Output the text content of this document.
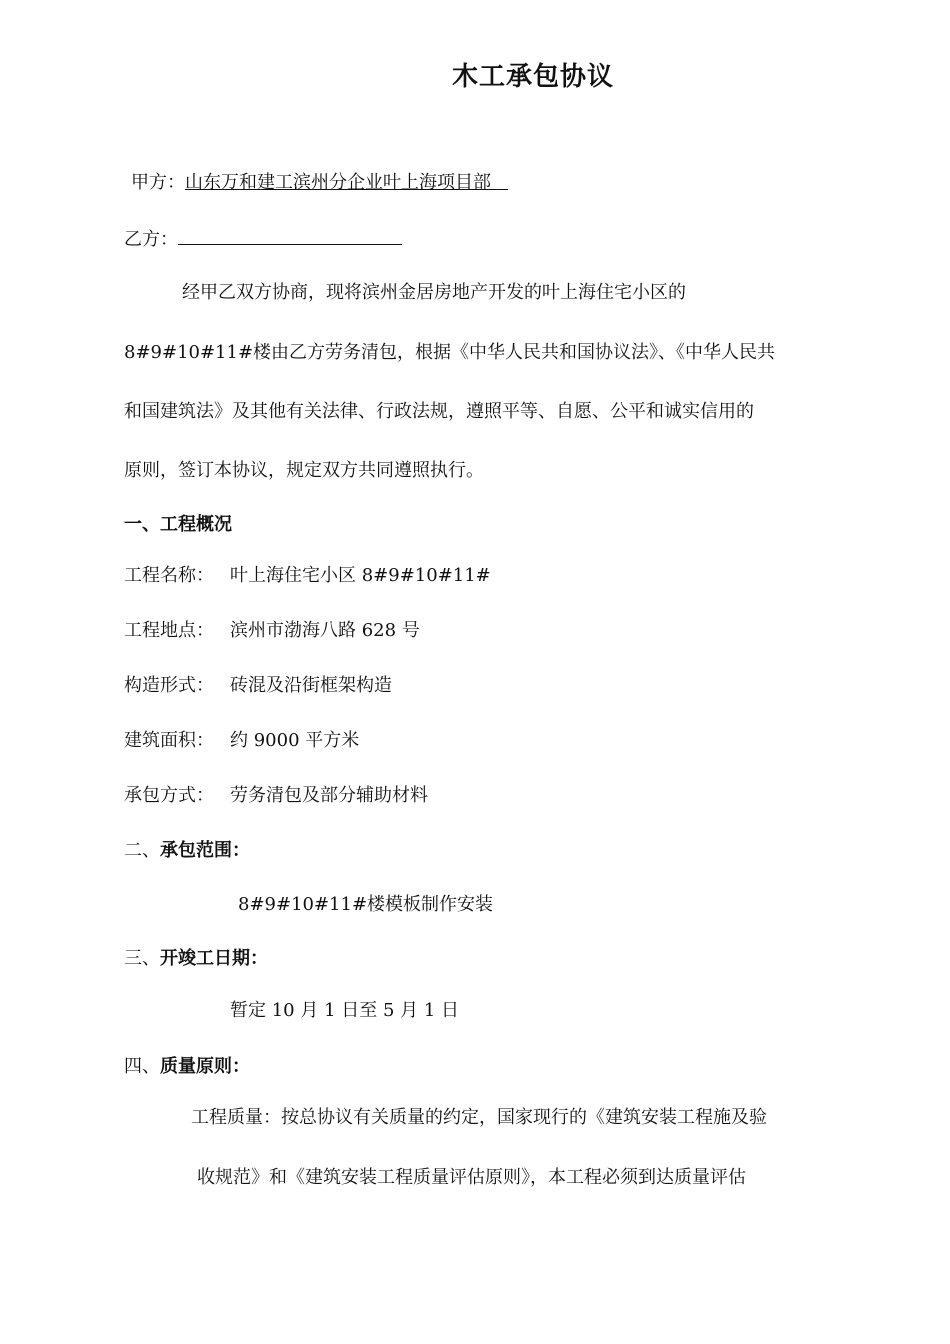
木工承包协议
甲方：山东万和建工滨州分企业叶上海项目部
乙方：
经甲乙双方协商，现将滨州金居房地产开发的叶上海住宅小区的
8#9#10#11#楼由乙方劳务清包，根据《中华人民共和国协议法》、《中华人民共
和国建筑法》及其他有关法律、行政法规，遵照平等、自愿、公平和诚实信用的
原则，签订本协议，规定双方共同遵照执行。
一、工程概况
工程名称： 叶上海住宅小区 8#9#10#11#
工程地点： 滨州市渤海八路 628 号
构造形式： 砖混及沿街框架构造
建筑面积： 约 9000 平方米
承包方式： 劳务清包及部分辅助材料
二、承包范围：
8#9#10#11#楼模板制作安装
三、开竣工日期：
暂定 10 月 1 日至 5 月 1 日
四、质量原则：
工程质量：按总协议有关质量的约定，国家现行的《建筑安装工程施及验
收规范》和《建筑安装工程质量评估原则》，本工程必须到达质量评估
